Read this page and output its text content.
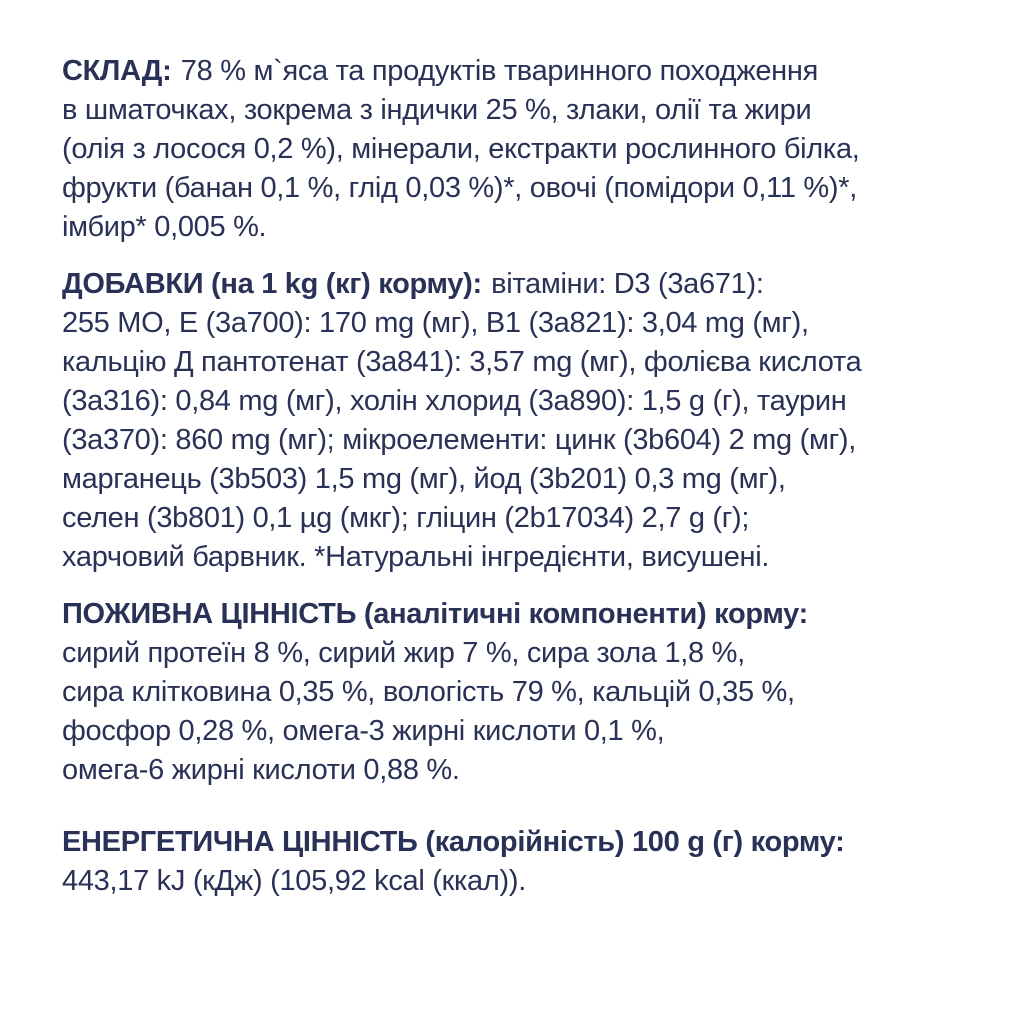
СКЛАД: 78 % м`яса та продуктів тваринного походження
в шматочках, зокрема з індички 25 %, злаки, олії та жири
(олія з лосося 0,2 %), мінерали, екстракти рослинного білка,
фрукти (банан 0,1 %, глід 0,03 %)*, овочі (помідори 0,11 %)*,
імбир* 0,005 %.

ДОБАВКИ (на 1 kg (кг) корму): вітаміни: D3 (3а671):
255 МО, Е (3а700): 170 mg (мг), В1 (3а821): 3,04 mg (мг),
кальцію Д пантотенат (3а841): 3,57 mg (мг), фолієва кислота
(3а316): 0,84 mg (мг), холін хлорид (3а890): 1,5 g (г), таурин
(3а370): 860 mg (мг); мікроелементи: цинк (3b604) 2 mg (мг),
марганець (3b503) 1,5 mg (мг), йод (3b201) 0,3 mg (мг),
селен (3b801) 0,1 µg (мкг); гліцин (2b17034) 2,7 g (г);
харчовий барвник. *Натуральні інгредієнти, висушені.

ПОЖИВНА ЦІННІСТЬ (аналітичні компоненти) корму:
сирий протеїн 8 %, сирий жир 7 %, сира зола 1,8 %,
сира клітковина 0,35 %, вологість 79 %, кальцій 0,35 %,
фосфор 0,28 %, омега-3 жирні кислоти 0,1 %,
омега-6 жирні кислоти 0,88 %.

ЕНЕРГЕТИЧНА ЦІННІСТЬ (калорійність) 100 g (г) корму:
443,17 kJ (кДж) (105,92 kcal (ккал)).
